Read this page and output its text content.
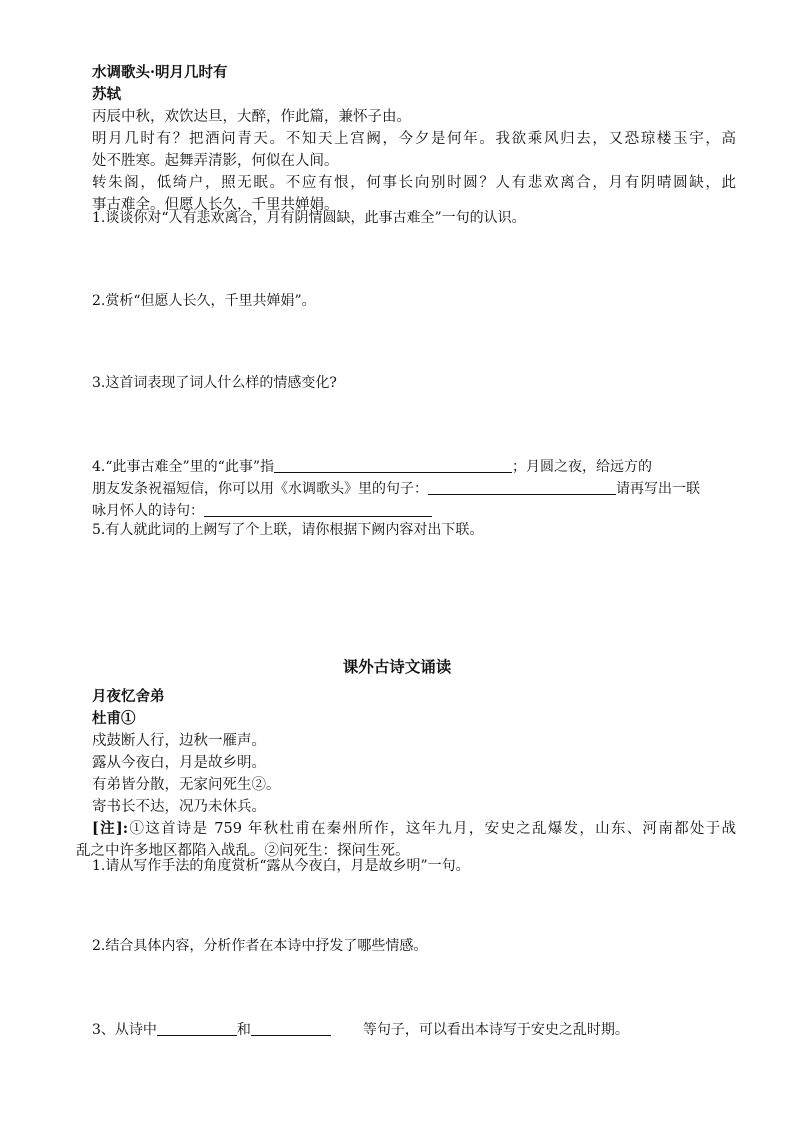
水调歌头·明月几时有
苏轼
丙辰中秋，欢饮达旦，大醉，作此篇，兼怀子由。
明月几时有？把酒问青天。不知天上宫阙，今夕是何年。我欲乘风归去，又恐琼楼玉宇，高
处不胜寒。起舞弄清影，何似在人间。
转朱阁，低绮户，照无眠。不应有恨，何事长向别时圆？人有悲欢离合，月有阴晴圆缺，此
事古难全。但愿人长久，千里共婵娟。
1.谈谈你对“人有悲欢离合，月有阴情圆缺，此事古难全”一句的认识。
2.赏析“但愿人长久，千里共婵娟”。
3.这首词表现了词人什么样的情感变化?
4.“此事古难全”里的“此事”指	；月圆之夜，给远方的
朋友发条祝福短信，你可以用《水调歌头》里的句子：	请再写出一联
咏月怀人的诗句：
5.有人就此词的上阙写了个上联，请你根据下阙内容对出下联。
课外古诗文诵读
月夜忆舍弟
杜甫①
戍鼓断人行，边秋一雁声。
露从今夜白，月是故乡明。
有弟皆分散，无家问死生②。
寄书长不达，况乃未休兵。
[注]:①这首诗是 759 年秋杜甫在秦州所作，这年九月，安史之乱爆发，山东、河南都处于战
乱之中许多地区都陷入战乱。②问死生：探问生死。
1.请从写作手法的角度赏析“露从今夜白，月是故乡明”一句。
2.结合具体内容，分析作者在本诗中抒发了哪些情感。
3、从诗中	和	等句子，可以看出本诗写于安史之乱时期。
